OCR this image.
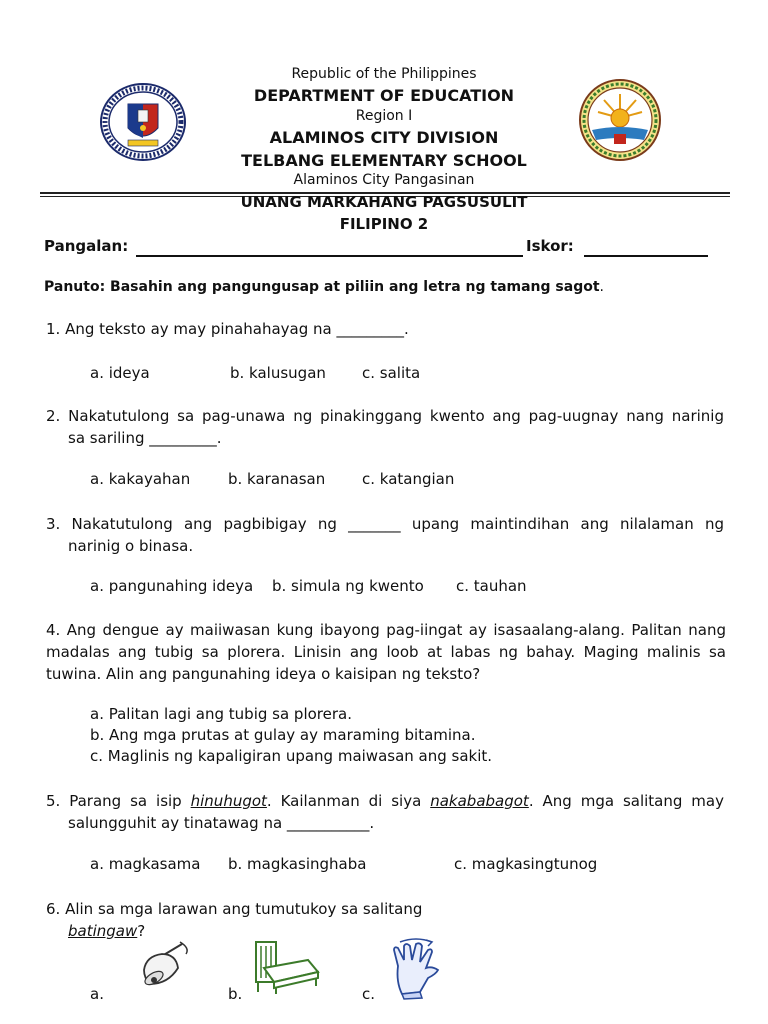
Republic of the Philippines
DEPARTMENT OF EDUCATION
Region I
ALAMINOS CITY DIVISION
TELBANG ELEMENTARY SCHOOL
Alaminos City Pangasinan
UNANG MARKAHANG PAGSUSULIT
FILIPINO 2
Pangalan:	Iskor:
Panuto: Basahin ang pangungusap at piliin ang letra ng tamang sagot.
1. Ang teksto ay may pinahahayag na _________.
a. ideya	b. kalusugan c. salita
2. Nakatutulong sa pag-unawa ng pinakinggang kwento ang pag-uugnay nang narinig
sa sariling _________.
a. kakayahan	b. karanasan c. katangian
3. Nakatutulong ang pagbibigay ng _______ upang maintindihan ang nilalaman ng
narinig o binasa.
a. pangunahing ideya b. simula ng kwento c. tauhan
4. Ang dengue ay maiiwasan kung ibayong pag-iingat ay isasaalang-alang. Palitan nang madalas ang tubig sa plorera. Linisin ang loob at labas ng bahay. Maging malinis sa tuwina. Alin ang pangunahing ideya o kaisipan ng teksto?
a. Palitan lagi ang tubig sa plorera.
b. Ang mga prutas at gulay ay maraming bitamina.
c. Maglinis ng kapaligiran upang maiwasan ang sakit.
5. Parang sa isip hinuhugot. Kailanman di siya nakababagot. Ang mga salitang may
salungguhit ay tinatawag na ___________.
a. magkasama b. magkasinghaba	c. magkasingtunog
6. Alin sa mga larawan ang tumutukoy sa salitang
batingaw?
a.	b.	c.
